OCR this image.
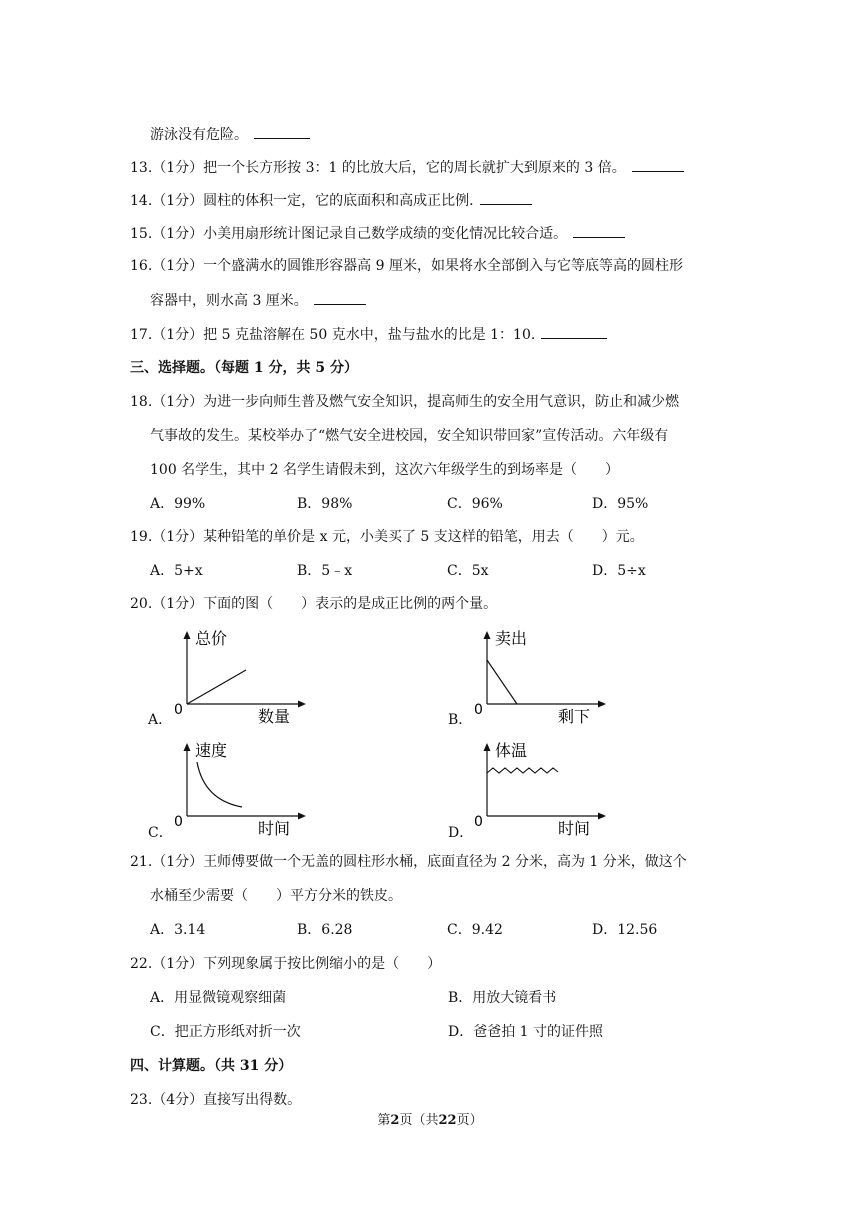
游泳没有危险。
13.（1分）把一个长方形按 3：1 的比放大后，它的周长就扩大到原来的 3 倍。
14.（1分）圆柱的体积一定，它的底面积和高成正比例.
15.（1分）小美用扇形统计图记录自己数学成绩的变化情况比较合适。
16.（1分）一个盛满水的圆锥形容器高 9 厘米，如果将水全部倒入与它等底等高的圆柱形
容器中，则水高 3 厘米。
17.（1分）把 5 克盐溶解在 50 克水中，盐与盐水的比是 1：10.
三、选择题。（每题 1 分，共 5 分）
18.（1分）为进一步向师生普及燃气安全知识，提高师生的安全用气意识，防止和减少燃
气事故的发生。某校举办了“燃气安全进校园，安全知识带回家”宣传活动。六年级有
100 名学生，其中 2 名学生请假未到，这次六年级学生的到场率是（　　）
A．99%	B．98%	C．96%	D．95%
19.（1分）某种铅笔的单价是 x 元，小美买了 5 支这样的铅笔，用去（　　）元。
A．5+x	B．5﹣x	C．5x	D．5÷x
20.（1分）下面的图（　　）表示的是成正比例的两个量。
A．
总价
数量
0
B．
卖出
剩下
0
C．
速度
时间
0
D．
体温
时间
0
21.（1分）王师傅要做一个无盖的圆柱形水桶，底面直径为 2 分米，高为 1 分米，做这个
水桶至少需要（　　）平方分米的铁皮。
A．3.14	B．6.28	C．9.42	D．12.56
22.（1分）下列现象属于按比例缩小的是（　　）
A．用显微镜观察细菌	B．用放大镜看书
C．把正方形纸对折一次	D．爸爸拍 1 寸的证件照
四、计算题。（共 31 分）
23.（4分）直接写出得数。
第2页（共22页）
